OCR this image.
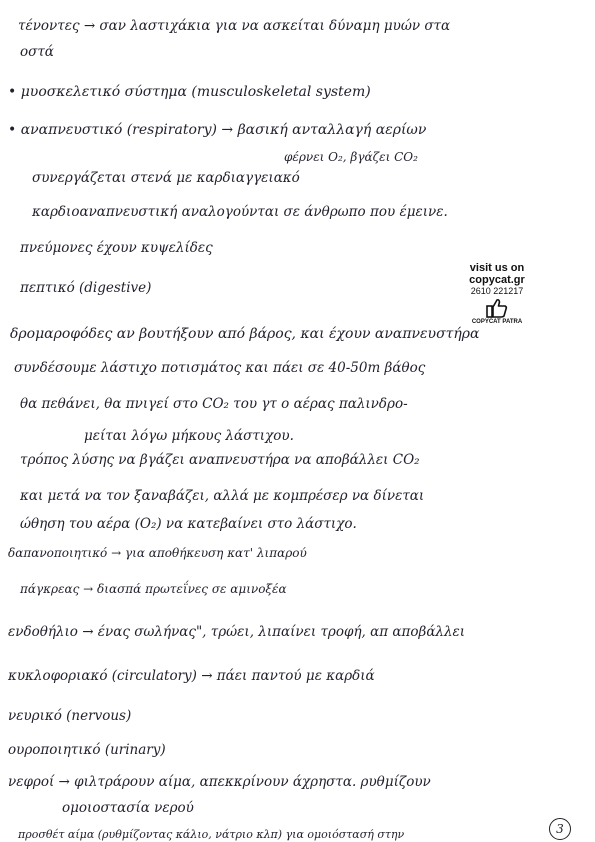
τένοντες → σαν λαστιχάκια για να ασκείται δύναμη μυών στα
οστά
• μυοσκελετικό σύστημα (musculoskeletal system)
• αναπνευστικό (respiratory) → βασική ανταλλαγή αερίων
φέρνει O₂, βγάζει CO₂
συνεργάζεται στενά με καρδιαγγειακό
καρδιοαναπνευστική αναλογούνται σε άνθρωπο που έμεινε.
πνεύμονες έχουν κυψελίδες
πεπτικό (digestive)
visit us on
copycat.gr
2610 221217
COPYCAT PATRA
δρομαροφόδες αν βουτήξουν από βάρος, και έχουν αναπνευστήρα
συνδέσουμε λάστιχο ποτισμάτος και πάει σε 40-50m βάθος
θα πεθάνει, θα πνιγεί στο CO₂ του γτ ο αέρας παλινδρο-
μείται λόγω μήκους λάστιχου.
τρόπος λύσης να βγάζει αναπνευστήρα να αποβάλλει CO₂
και μετά να τον ξαναβάζει, αλλά με κομπρέσερ να δίνεται
ώθηση του αέρα (O₂) να κατεβαίνει στο λάστιχο.
δαπανοποιητικό → για αποθήκευση κατ' λιπαρού
πάγκρεας → διασπά πρωτεΐνες σε αμινοξέα
ενδοθήλιο → ένας σωλήνας", τρώει, λιπαίνει τροφή, απ αποβάλλει
κυκλοφοριακό (circulatory) → πάει παντού με καρδιά
νευρικό (nervous)
ουροποιητικό (urinary)
νεφροί → φιλτράρουν αίμα, απεκκρίνουν άχρηστα. ρυθμίζουν
ομοιοστασία νερού
προσθέτ αίμα (ρυθμίζοντας κάλιο, νάτριο κλπ) για ομοιόστασή στην	3
